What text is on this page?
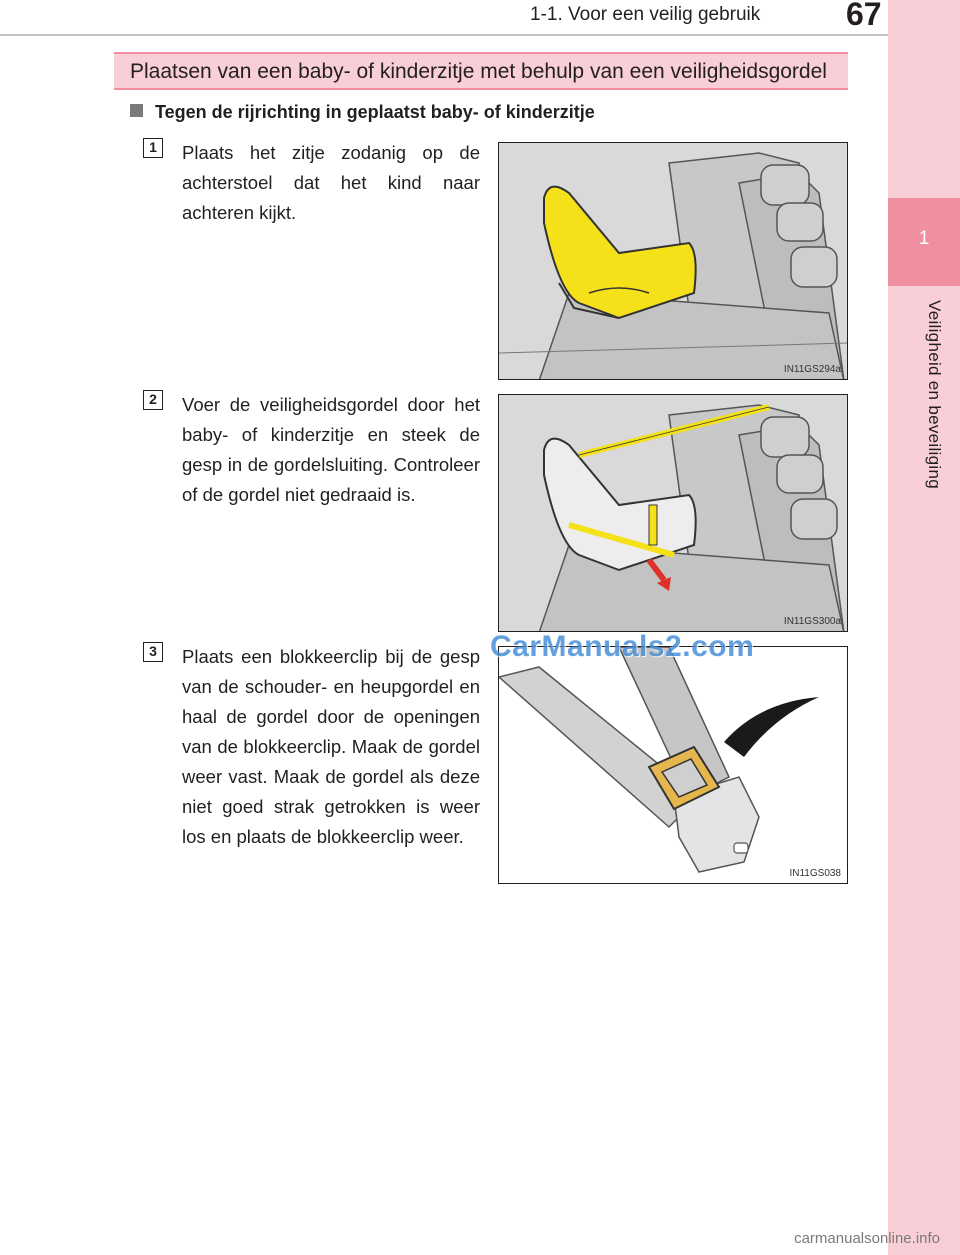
1-1. Voor een veilig gebruik	67
1
Veiligheid en beveiliging
Plaatsen van een baby- of kinderzitje met behulp van een veiligheidsgordel
Tegen de rijrichting in geplaatst baby- of kinderzitje
1	Plaats het zitje zodanig op de achterstoel dat het kind naar achteren kijkt.
IN11GS294a
2	Voer de veiligheidsgordel door het baby- of kinderzitje en steek de gesp in de gordelsluiting. Controleer of de gordel niet gedraaid is.
IN11GS300a
3	Plaats een blokkeerclip bij de gesp van de schouder- en heupgordel en haal de gordel door de openingen van de blokkeerclip. Maak de gordel weer vast. Maak de gordel als deze niet goed strak getrokken is weer los en plaats de blokkeerclip weer.
IN11GS038
CarManuals2.com
carmanualsonline.info
